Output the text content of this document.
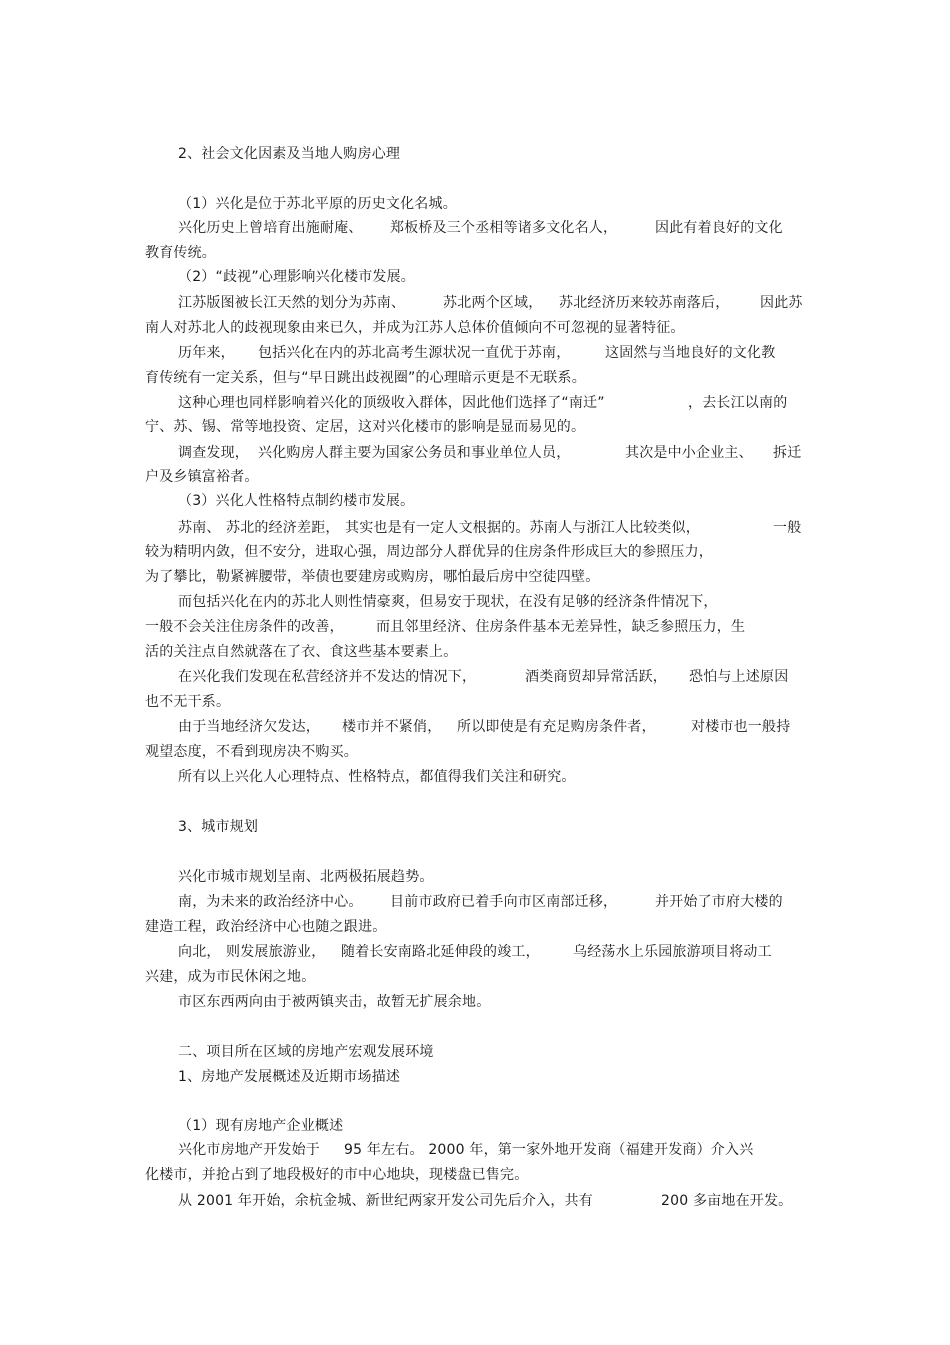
2、社会文化因素及当地人购房心理
（1）兴化是位于苏北平原的历史文化名城。
兴化历史上曾培育出施耐庵、 郑板桥及三个丞相等诸多文化名人，	因此有着良好的文化
教育传统。
（2）“歧视”心理影响兴化楼市发展。
江苏版图被长江天然的划分为苏南、	苏北两个区域， 苏北经济历来较苏南落后， 因此苏
南人对苏北人的歧视现象由来已久，并成为江苏人总体价值倾向不可忽视的显著特征。
历年来， 包括兴化在内的苏北高考生源状况一直优于苏南， 这固然与当地良好的文化教
育传统有一定关系，但与“早日跳出歧视圈”的心理暗示更是不无联系。
这种心理也同样影响着兴化的顶级收入群体，因此他们选择了“南迁”	，去长江以南的
宁、苏、锡、常等地投资、定居，这对兴化楼市的影响是显而易见的。
调查发现， 兴化购房人群主要为国家公务员和事业单位人员，	其次是中小企业主、 拆迁
户及乡镇富裕者。
（3）兴化人性格特点制约楼市发展。
苏南、 苏北的经济差距， 其实也是有一定人文根据的。苏南人与浙江人比较类似，	一般
较为精明内敛，但不安分，进取心强，周边部分人群优异的住房条件形成巨大的参照压力，
为了攀比，勒紧裤腰带，举债也要建房或购房，哪怕最后房中空徒四壁。
而包括兴化在内的苏北人则性情豪爽，但易安于现状，在没有足够的经济条件情况下，
一般不会关注住房条件的改善， 而且邻里经济、住房条件基本无差异性，缺乏参照压力，生
活的关注点自然就落在了衣、食这些基本要素上。
在兴化我们发现在私营经济并不发达的情况下，	酒类商贸却异常活跃， 恐怕与上述原因
也不无干系。
由于当地经济欠发达， 楼市并不紧俏， 所以即使是有充足购房条件者，	对楼市也一般持
观望态度，不看到现房决不购买。
所有以上兴化人心理特点、性格特点，都值得我们关注和研究。
3、城市规划
兴化市城市规划呈南、北两极拓展趋势。
南，为未来的政治经济中心。 目前市政府已着手向市区南部迁移，	并开始了市府大楼的
建造工程，政治经济中心也随之跟进。
向北， 则发展旅游业， 随着长安南路北延伸段的竣工， 乌经荡水上乐园旅游项目将动工
兴建，成为市民休闲之地。
市区东西两向由于被两镇夹击，故暂无扩展余地。
二、项目所在区域的房地产宏观发展环境
1、房地产发展概述及近期市场描述
（1）现有房地产企业概述
兴化市房地产开发始于 95 年左右。 2000 年，第一家外地开发商（福建开发商）介入兴
化楼市，并抢占到了地段极好的市中心地块，现楼盘已售完。
从 2001 年开始，余杭金城、新世纪两家开发公司先后介入，共有	200 多亩地在开发。
